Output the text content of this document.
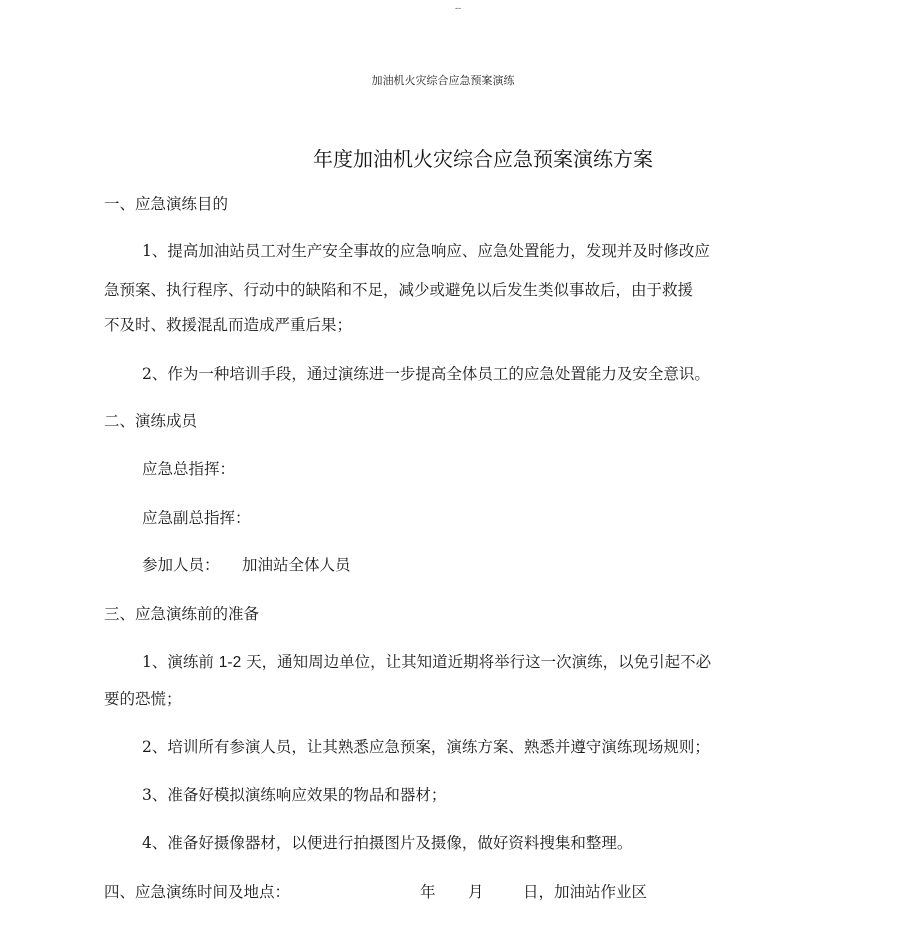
--
加油机火灾综合应急预案演练
年度加油机火灾综合应急预案演练方案
一、应急演练目的
1、提高加油站员工对生产安全事故的应急响应、应急处置能力，发现并及时修改应
急预案、执行程序、行动中的缺陷和不足，减少或避免以后发生类似事故后，由于救援
不及时、救援混乱而造成严重后果；
2、作为一种培训手段，通过演练进一步提高全体员工的应急处置能力及安全意识。
二、演练成员
应急总指挥：
应急副总指挥：
参加人员： 加油站全体人员
三、应急演练前的准备
1、演练前 1-2 天，通知周边单位，让其知道近期将举行这一次演练，以免引起不必
要的恐慌；
2、培训所有参演人员，让其熟悉应急预案，演练方案、熟悉并遵守演练现场规则；
3、准备好模拟演练响应效果的物品和器材；
4、准备好摄像器材，以便进行拍摄图片及摄像，做好资料搜集和整理。
四、应急演练时间及地点：	年 月	日，加油站作业区
